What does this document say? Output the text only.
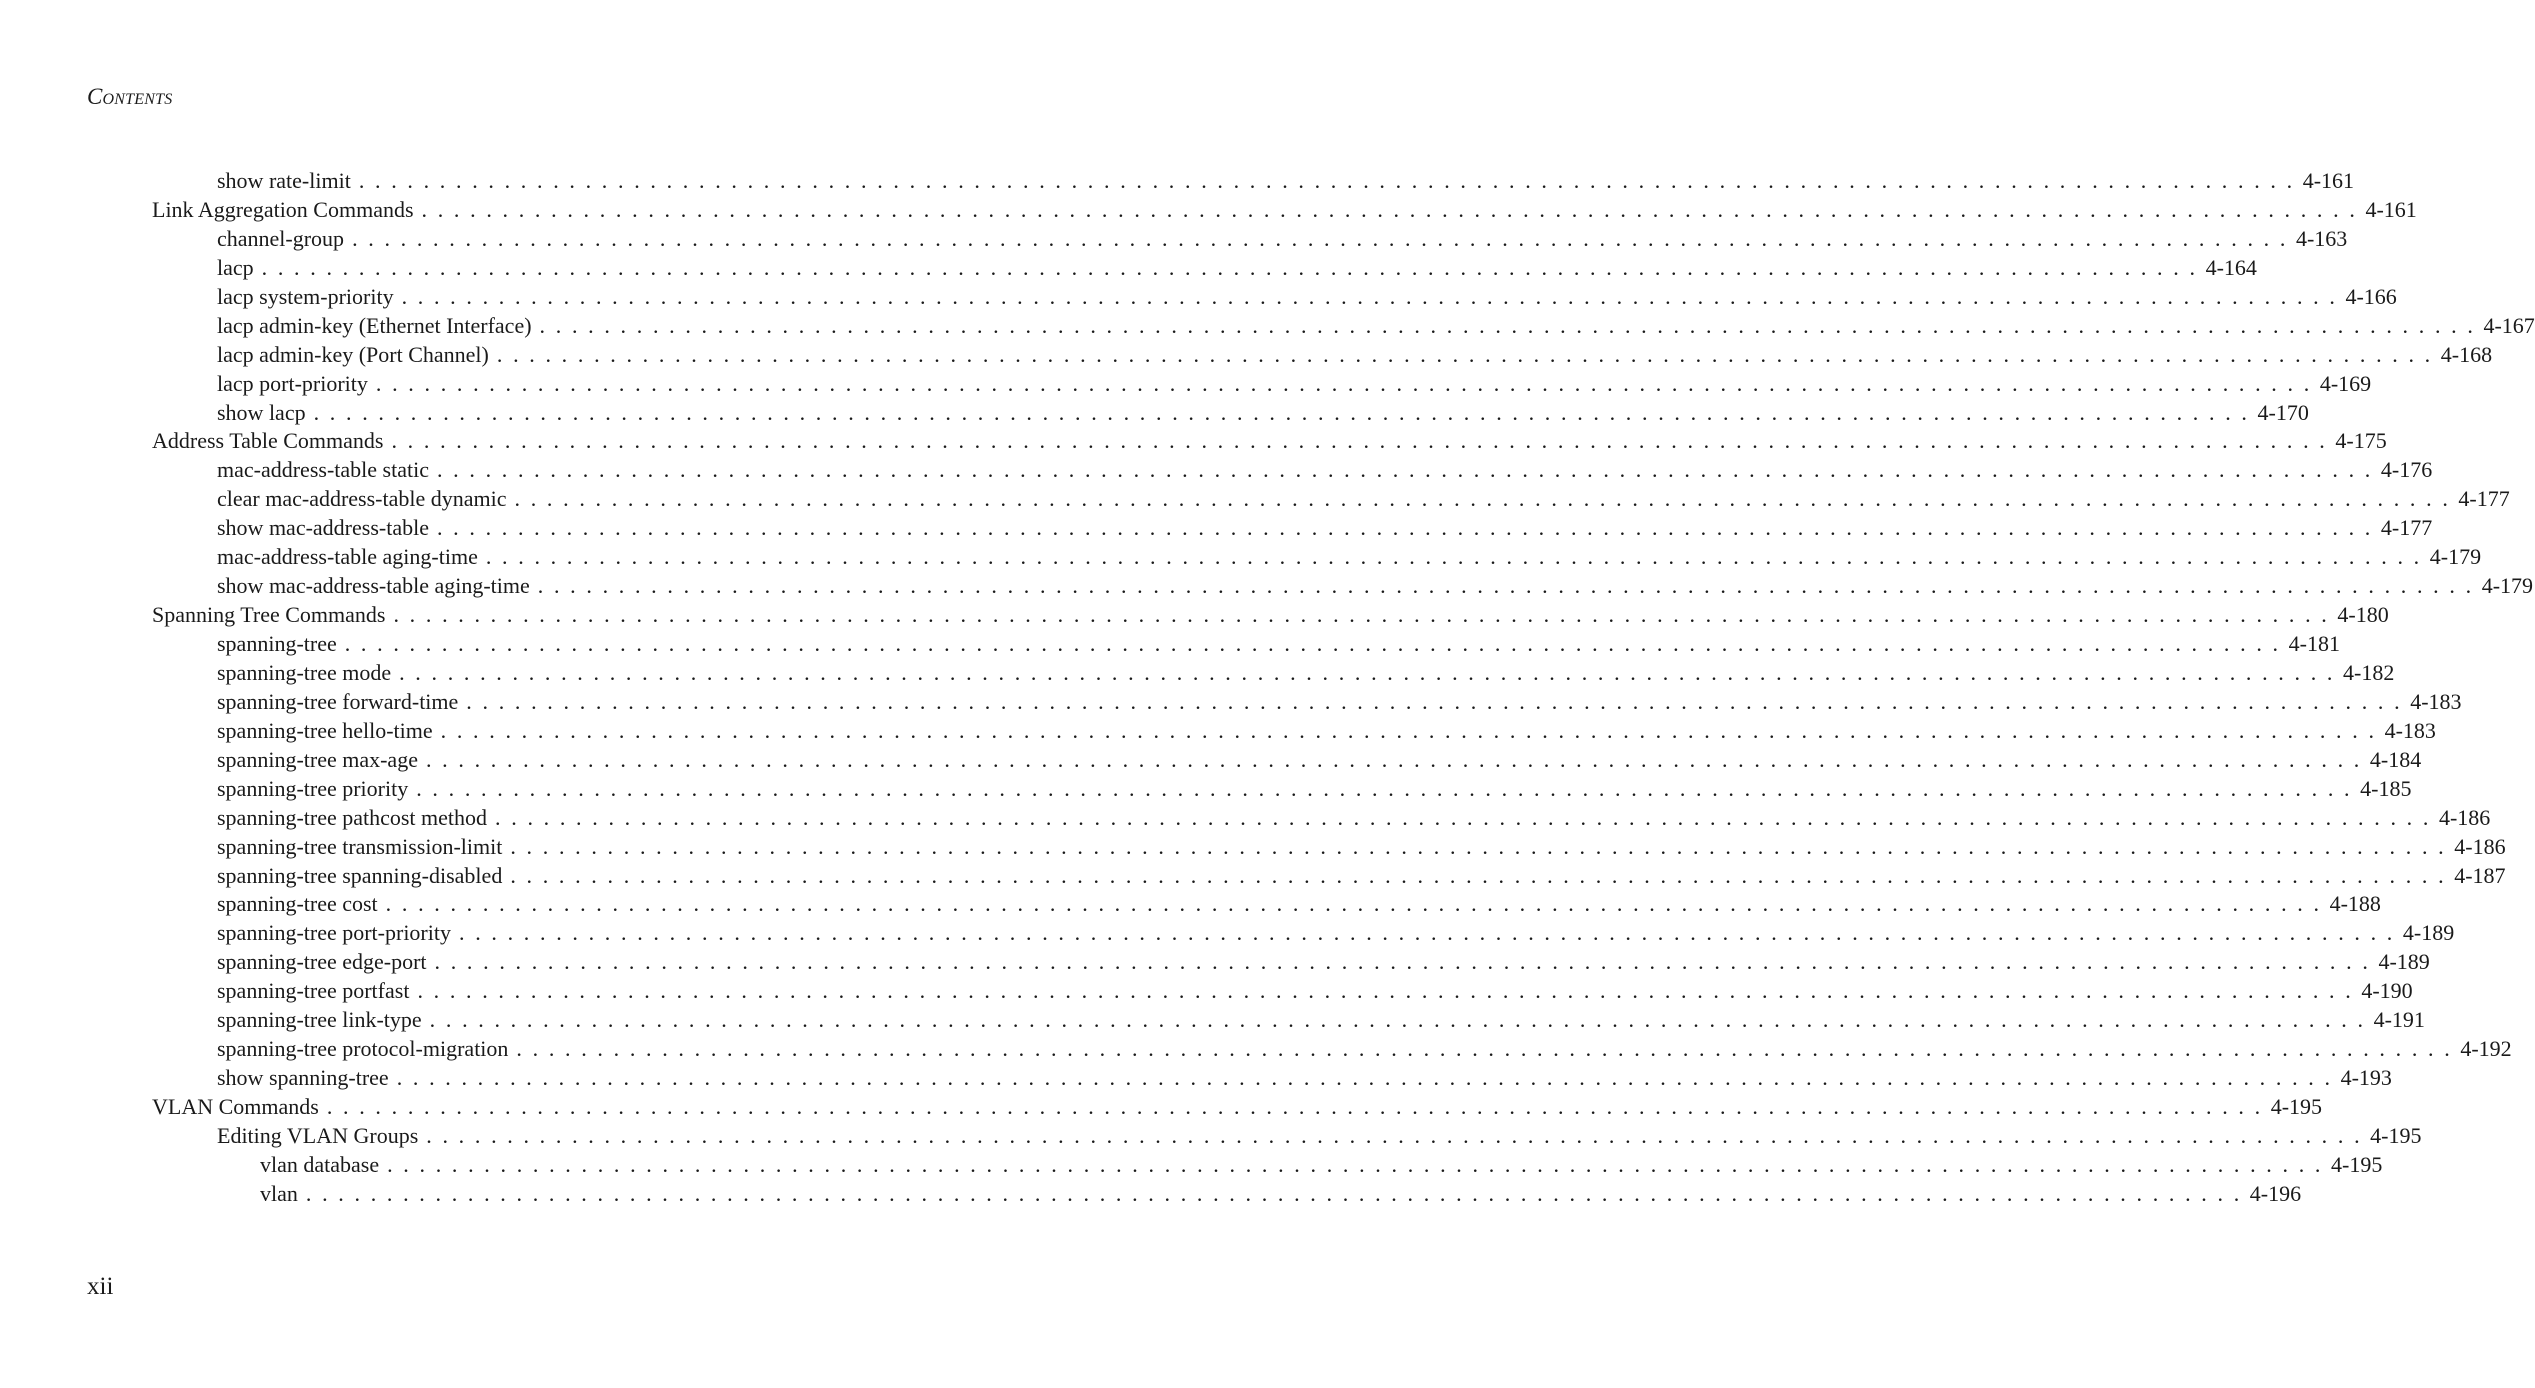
Contents
show rate-limit . . . . . . . . . . . . . . . . . . . . . . . . . . . . . . . . . . . . . . . . . . . . . . . . . . . . . . . . . . . . . . . . . . . . . . . . . . . . . . . . . . . . . . . . . . . . . . . . . . . . . . . . . . . . . . . . . . . . . . . . 4-161
Link Aggregation Commands . . . . . . . . . . . . . . . . . . . . . . . . . . . . . . . . . . . . . . . . . . . . . . . . . . . . . . . . . . . . . . . . . . . . . . . . . . . . . . . . . . . . . . . . . . . . . . . . . . . . . . . . . . . . . . . . . . . . . . . . 4-161
channel-group . . . . . . . . . . . . . . . . . . . . . . . . . . . . . . . . . . . . . . . . . . . . . . . . . . . . . . . . . . . . . . . . . . . . . . . . . . . . . . . . . . . . . . . . . . . . . . . . . . . . . . . . . . . . . . . . . . . . . . . . 4-163
lacp . . . . . . . . . . . . . . . . . . . . . . . . . . . . . . . . . . . . . . . . . . . . . . . . . . . . . . . . . . . . . . . . . . . . . . . . . . . . . . . . . . . . . . . . . . . . . . . . . . . . . . . . . . . . . . . . . . . . . . . . 4-164
lacp system-priority . . . . . . . . . . . . . . . . . . . . . . . . . . . . . . . . . . . . . . . . . . . . . . . . . . . . . . . . . . . . . . . . . . . . . . . . . . . . . . . . . . . . . . . . . . . . . . . . . . . . . . . . . . . . . . . . . . . . . . . . 4-166
lacp admin-key (Ethernet Interface) . . . . . . . . . . . . . . . . . . . . . . . . . . . . . . . . . . . . . . . . . . . . . . . . . . . . . . . . . . . . . . . . . . . . . . . . . . . . . . . . . . . . . . . . . . . . . . . . . . . . . . . . . . . . . . . . . . . . . . . . 4-167
lacp admin-key (Port Channel) . . . . . . . . . . . . . . . . . . . . . . . . . . . . . . . . . . . . . . . . . . . . . . . . . . . . . . . . . . . . . . . . . . . . . . . . . . . . . . . . . . . . . . . . . . . . . . . . . . . . . . . . . . . . . . . . . . . . . . . . 4-168
lacp port-priority . . . . . . . . . . . . . . . . . . . . . . . . . . . . . . . . . . . . . . . . . . . . . . . . . . . . . . . . . . . . . . . . . . . . . . . . . . . . . . . . . . . . . . . . . . . . . . . . . . . . . . . . . . . . . . . . . . . . . . . . 4-169
show lacp . . . . . . . . . . . . . . . . . . . . . . . . . . . . . . . . . . . . . . . . . . . . . . . . . . . . . . . . . . . . . . . . . . . . . . . . . . . . . . . . . . . . . . . . . . . . . . . . . . . . . . . . . . . . . . . . . . . . . . . . 4-170
Address Table Commands . . . . . . . . . . . . . . . . . . . . . . . . . . . . . . . . . . . . . . . . . . . . . . . . . . . . . . . . . . . . . . . . . . . . . . . . . . . . . . . . . . . . . . . . . . . . . . . . . . . . . . . . . . . . . . . . . . . . . . . . 4-175
mac-address-table static . . . . . . . . . . . . . . . . . . . . . . . . . . . . . . . . . . . . . . . . . . . . . . . . . . . . . . . . . . . . . . . . . . . . . . . . . . . . . . . . . . . . . . . . . . . . . . . . . . . . . . . . . . . . . . . . . . . . . . . . 4-176
clear mac-address-table dynamic . . . . . . . . . . . . . . . . . . . . . . . . . . . . . . . . . . . . . . . . . . . . . . . . . . . . . . . . . . . . . . . . . . . . . . . . . . . . . . . . . . . . . . . . . . . . . . . . . . . . . . . . . . . . . . . . . . . . . . . . 4-177
show mac-address-table . . . . . . . . . . . . . . . . . . . . . . . . . . . . . . . . . . . . . . . . . . . . . . . . . . . . . . . . . . . . . . . . . . . . . . . . . . . . . . . . . . . . . . . . . . . . . . . . . . . . . . . . . . . . . . . . . . . . . . . . 4-177
mac-address-table aging-time . . . . . . . . . . . . . . . . . . . . . . . . . . . . . . . . . . . . . . . . . . . . . . . . . . . . . . . . . . . . . . . . . . . . . . . . . . . . . . . . . . . . . . . . . . . . . . . . . . . . . . . . . . . . . . . . . . . . . . . . 4-179
show mac-address-table aging-time . . . . . . . . . . . . . . . . . . . . . . . . . . . . . . . . . . . . . . . . . . . . . . . . . . . . . . . . . . . . . . . . . . . . . . . . . . . . . . . . . . . . . . . . . . . . . . . . . . . . . . . . . . . . . . . . . . . . . . . . 4-179
Spanning Tree Commands . . . . . . . . . . . . . . . . . . . . . . . . . . . . . . . . . . . . . . . . . . . . . . . . . . . . . . . . . . . . . . . . . . . . . . . . . . . . . . . . . . . . . . . . . . . . . . . . . . . . . . . . . . . . . . . . . . . . . . . . 4-180
spanning-tree . . . . . . . . . . . . . . . . . . . . . . . . . . . . . . . . . . . . . . . . . . . . . . . . . . . . . . . . . . . . . . . . . . . . . . . . . . . . . . . . . . . . . . . . . . . . . . . . . . . . . . . . . . . . . . . . . . . . . . . . 4-181
spanning-tree mode . . . . . . . . . . . . . . . . . . . . . . . . . . . . . . . . . . . . . . . . . . . . . . . . . . . . . . . . . . . . . . . . . . . . . . . . . . . . . . . . . . . . . . . . . . . . . . . . . . . . . . . . . . . . . . . . . . . . . . . . 4-182
spanning-tree forward-time . . . . . . . . . . . . . . . . . . . . . . . . . . . . . . . . . . . . . . . . . . . . . . . . . . . . . . . . . . . . . . . . . . . . . . . . . . . . . . . . . . . . . . . . . . . . . . . . . . . . . . . . . . . . . . . . . . . . . . . . 4-183
spanning-tree hello-time . . . . . . . . . . . . . . . . . . . . . . . . . . . . . . . . . . . . . . . . . . . . . . . . . . . . . . . . . . . . . . . . . . . . . . . . . . . . . . . . . . . . . . . . . . . . . . . . . . . . . . . . . . . . . . . . . . . . . . . . 4-183
spanning-tree max-age . . . . . . . . . . . . . . . . . . . . . . . . . . . . . . . . . . . . . . . . . . . . . . . . . . . . . . . . . . . . . . . . . . . . . . . . . . . . . . . . . . . . . . . . . . . . . . . . . . . . . . . . . . . . . . . . . . . . . . . . 4-184
spanning-tree priority . . . . . . . . . . . . . . . . . . . . . . . . . . . . . . . . . . . . . . . . . . . . . . . . . . . . . . . . . . . . . . . . . . . . . . . . . . . . . . . . . . . . . . . . . . . . . . . . . . . . . . . . . . . . . . . . . . . . . . . . 4-185
spanning-tree pathcost method . . . . . . . . . . . . . . . . . . . . . . . . . . . . . . . . . . . . . . . . . . . . . . . . . . . . . . . . . . . . . . . . . . . . . . . . . . . . . . . . . . . . . . . . . . . . . . . . . . . . . . . . . . . . . . . . . . . . . . . . 4-186
spanning-tree transmission-limit . . . . . . . . . . . . . . . . . . . . . . . . . . . . . . . . . . . . . . . . . . . . . . . . . . . . . . . . . . . . . . . . . . . . . . . . . . . . . . . . . . . . . . . . . . . . . . . . . . . . . . . . . . . . . . . . . . . . . . . . 4-186
spanning-tree spanning-disabled . . . . . . . . . . . . . . . . . . . . . . . . . . . . . . . . . . . . . . . . . . . . . . . . . . . . . . . . . . . . . . . . . . . . . . . . . . . . . . . . . . . . . . . . . . . . . . . . . . . . . . . . . . . . . . . . . . . . . . . . 4-187
spanning-tree cost . . . . . . . . . . . . . . . . . . . . . . . . . . . . . . . . . . . . . . . . . . . . . . . . . . . . . . . . . . . . . . . . . . . . . . . . . . . . . . . . . . . . . . . . . . . . . . . . . . . . . . . . . . . . . . . . . . . . . . . . 4-188
spanning-tree port-priority . . . . . . . . . . . . . . . . . . . . . . . . . . . . . . . . . . . . . . . . . . . . . . . . . . . . . . . . . . . . . . . . . . . . . . . . . . . . . . . . . . . . . . . . . . . . . . . . . . . . . . . . . . . . . . . . . . . . . . . . 4-189
spanning-tree edge-port . . . . . . . . . . . . . . . . . . . . . . . . . . . . . . . . . . . . . . . . . . . . . . . . . . . . . . . . . . . . . . . . . . . . . . . . . . . . . . . . . . . . . . . . . . . . . . . . . . . . . . . . . . . . . . . . . . . . . . . . 4-189
spanning-tree portfast . . . . . . . . . . . . . . . . . . . . . . . . . . . . . . . . . . . . . . . . . . . . . . . . . . . . . . . . . . . . . . . . . . . . . . . . . . . . . . . . . . . . . . . . . . . . . . . . . . . . . . . . . . . . . . . . . . . . . . . . 4-190
spanning-tree link-type . . . . . . . . . . . . . . . . . . . . . . . . . . . . . . . . . . . . . . . . . . . . . . . . . . . . . . . . . . . . . . . . . . . . . . . . . . . . . . . . . . . . . . . . . . . . . . . . . . . . . . . . . . . . . . . . . . . . . . . . 4-191
spanning-tree protocol-migration . . . . . . . . . . . . . . . . . . . . . . . . . . . . . . . . . . . . . . . . . . . . . . . . . . . . . . . . . . . . . . . . . . . . . . . . . . . . . . . . . . . . . . . . . . . . . . . . . . . . . . . . . . . . . . . . . . . . . . . . 4-192
show spanning-tree . . . . . . . . . . . . . . . . . . . . . . . . . . . . . . . . . . . . . . . . . . . . . . . . . . . . . . . . . . . . . . . . . . . . . . . . . . . . . . . . . . . . . . . . . . . . . . . . . . . . . . . . . . . . . . . . . . . . . . . . 4-193
VLAN Commands . . . . . . . . . . . . . . . . . . . . . . . . . . . . . . . . . . . . . . . . . . . . . . . . . . . . . . . . . . . . . . . . . . . . . . . . . . . . . . . . . . . . . . . . . . . . . . . . . . . . . . . . . . . . . . . . . . . . . . . . 4-195
Editing VLAN Groups . . . . . . . . . . . . . . . . . . . . . . . . . . . . . . . . . . . . . . . . . . . . . . . . . . . . . . . . . . . . . . . . . . . . . . . . . . . . . . . . . . . . . . . . . . . . . . . . . . . . . . . . . . . . . . . . . . . . . . . . 4-195
vlan database . . . . . . . . . . . . . . . . . . . . . . . . . . . . . . . . . . . . . . . . . . . . . . . . . . . . . . . . . . . . . . . . . . . . . . . . . . . . . . . . . . . . . . . . . . . . . . . . . . . . . . . . . . . . . . . . . . . . . . . . 4-195
vlan . . . . . . . . . . . . . . . . . . . . . . . . . . . . . . . . . . . . . . . . . . . . . . . . . . . . . . . . . . . . . . . . . . . . . . . . . . . . . . . . . . . . . . . . . . . . . . . . . . . . . . . . . . . . . . . . . . . . . . . . 4-196
xii
